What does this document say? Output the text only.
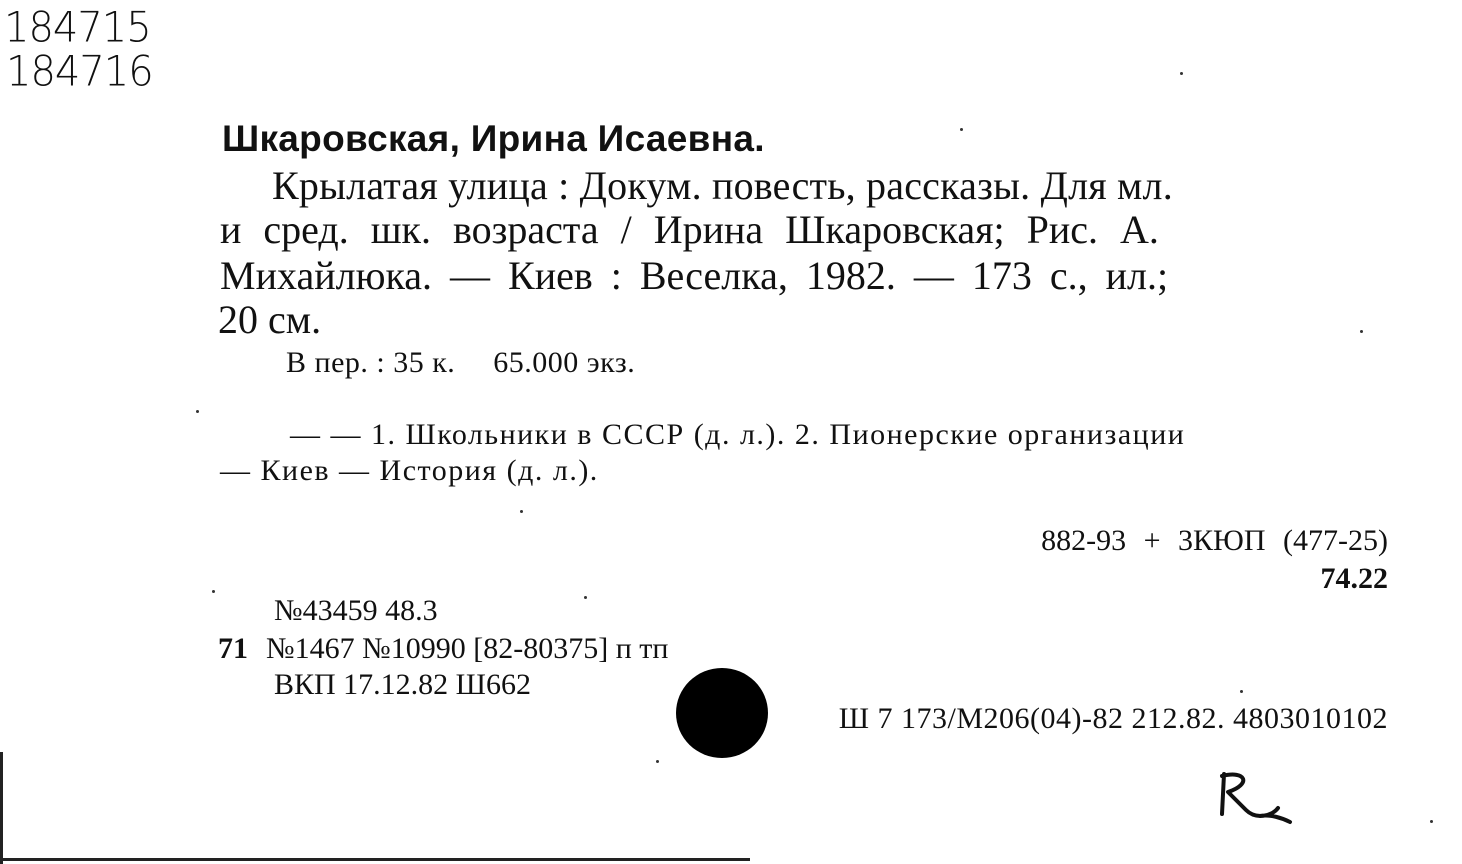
184715
184716
Шкаровская, Ирина Исаевна.
Крылатая улица : Докум. повесть, рассказы. Для мл.
и сред. шк. возраста / Ирина Шкаровская; Рис. А.
Михайлюка. — Киев : Веселка, 1982. — 173 с., ил.;
20 см.
В пер. : 35 к. 65.000 экз.
— — 1. Школьники в СССР (д. л.). 2. Пионерские организации
— Киев — История (д. л.).
882-93 + 3КЮП (477-25)
74.22
№43459 48.3
71 №1467 №10990 [82-80375] п тп
ВКП 17.12.82 Ш662
Ш 7 173/М206(04)-82 212.82. 4803010102
